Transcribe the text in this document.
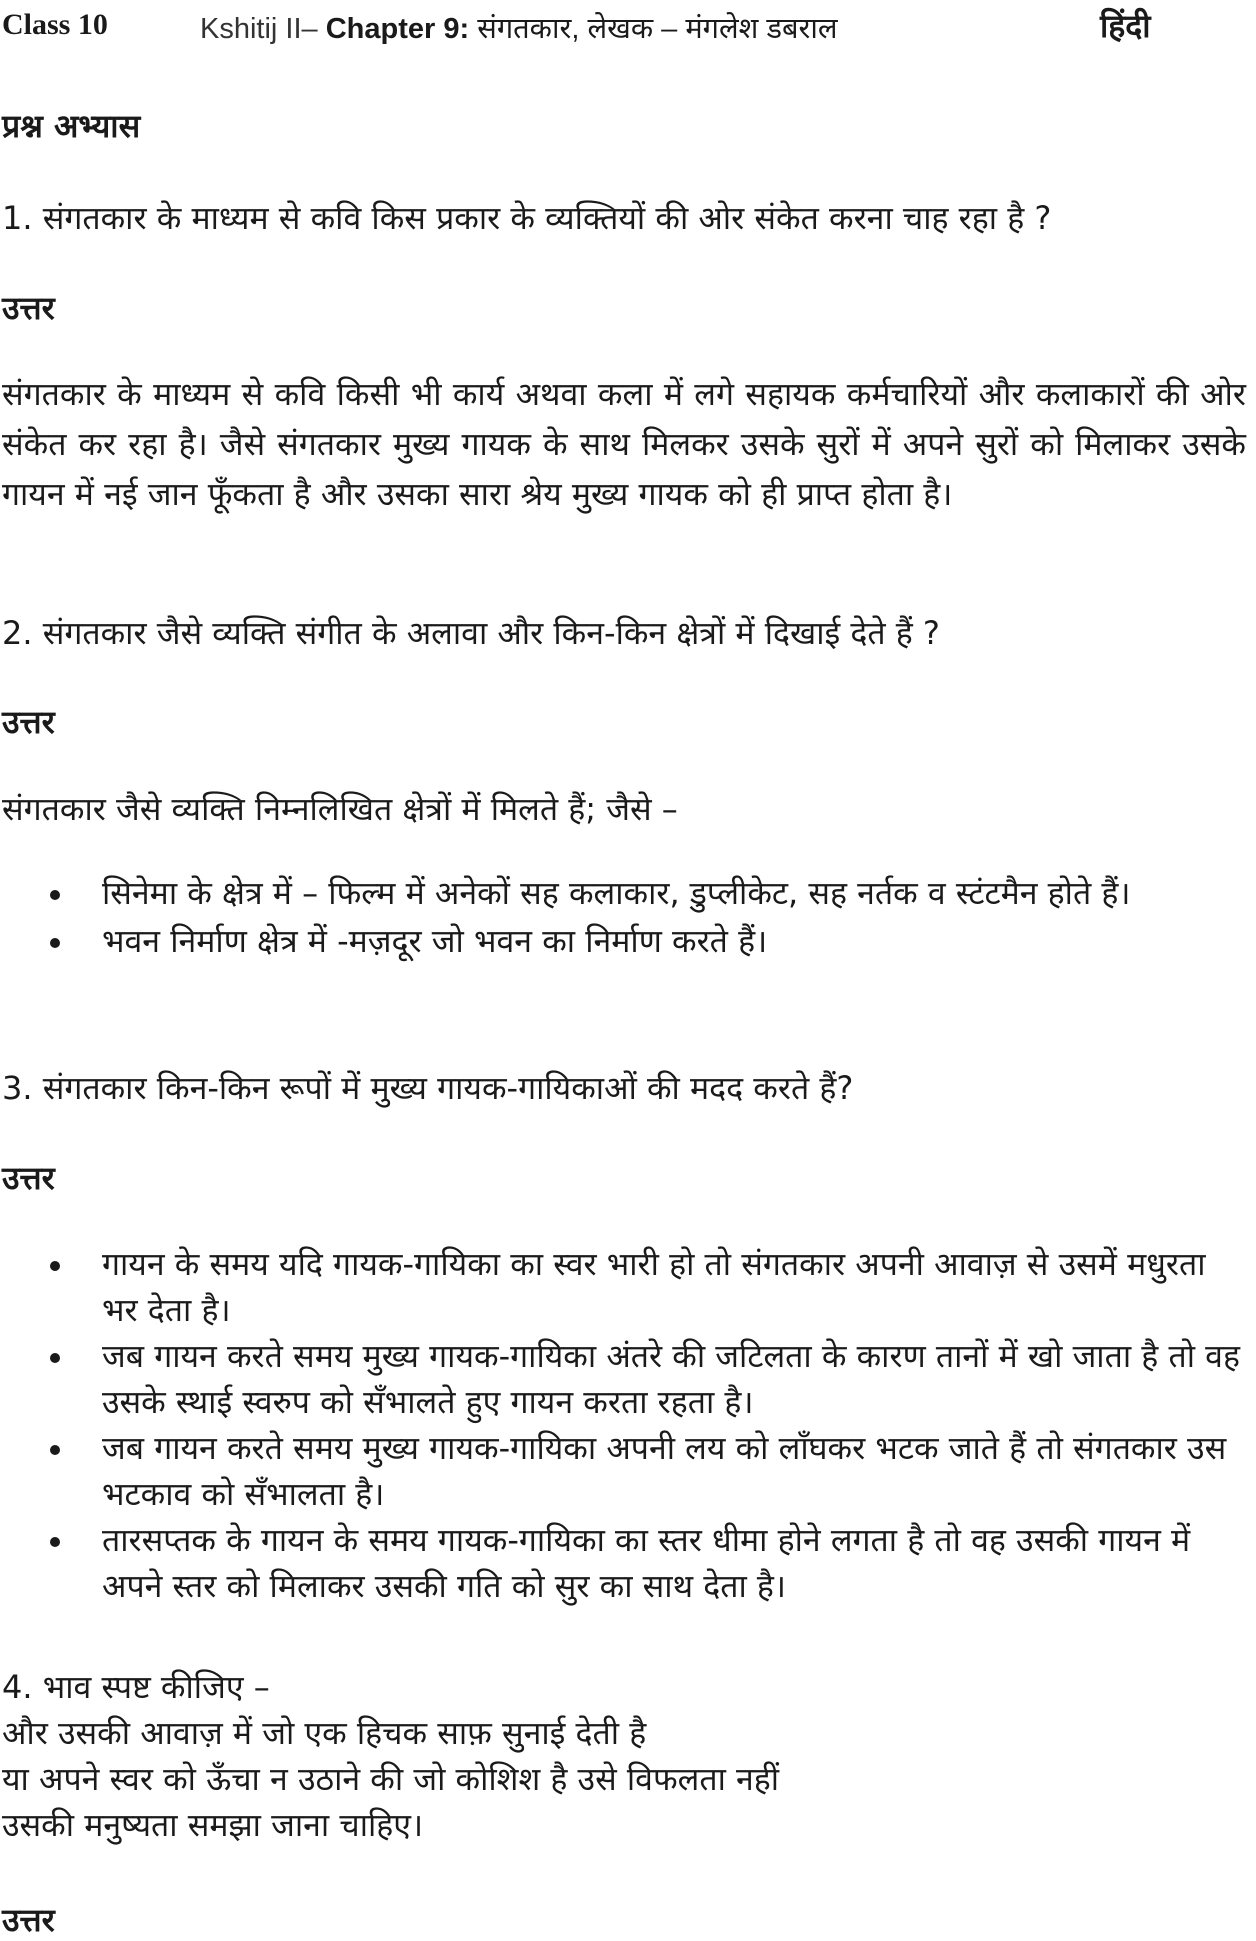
Class 10	Kshitij II– Chapter 9: संगतकार, लेखक – मंगलेश डबराल	हिंदी
प्रश्न अभ्यास
1. संगतकार के माध्यम से कवि किस प्रकार के व्यक्तियों की ओर संकेत करना चाह रहा है ?
उत्तर
संगतकार के माध्यम से कवि किसी भी कार्य अथवा कला में लगे सहायक कर्मचारियों और कलाकारों की ओर संकेत कर रहा है। जैसे संगतकार मुख्य गायक के साथ मिलकर उसके सुरों में अपने सुरों को मिलाकर उसके गायन में नई जान फूँकता है और उसका सारा श्रेय मुख्य गायक को ही प्राप्त होता है।
2. संगतकार जैसे व्यक्ति संगीत के अलावा और किन-किन क्षेत्रों में दिखाई देते हैं ?
उत्तर
संगतकार जैसे व्यक्ति निम्नलिखित क्षेत्रों में मिलते हैं; जैसे –
सिनेमा के क्षेत्र में – फिल्म में अनेकों सह कलाकार, डुप्लीकेट, सह नर्तक व स्टंटमैन होते हैं।
भवन निर्माण क्षेत्र में -मज़दूर जो भवन का निर्माण करते हैं।
3. संगतकार किन-किन रूपों में मुख्य गायक-गायिकाओं की मदद करते हैं?
उत्तर
गायन के समय यदि गायक-गायिका का स्वर भारी हो तो संगतकार अपनी आवाज़ से उसमें मधुरता भर देता है।
जब गायन करते समय मुख्य गायक-गायिका अंतरे की जटिलता के कारण तानों में खो जाता है तो वह उसके स्थाई स्वरुप को सँभालते हुए गायन करता रहता है।
जब गायन करते समय मुख्य गायक-गायिका अपनी लय को लाँघकर भटक जाते हैं तो संगतकार उस भटकाव को सँभालता है।
तारसप्तक के गायन के समय गायक-गायिका का स्तर धीमा होने लगता है तो वह उसकी गायन में अपने स्तर को मिलाकर उसकी गति को सुर का साथ देता है।
4. भाव स्पष्ट कीजिए –
और उसकी आवाज़ में जो एक हिचक साफ़ सुनाई देती है
या अपने स्वर को ऊँचा न उठाने की जो कोशिश है उसे विफलता नहीं
उसकी मनुष्यता समझा जाना चाहिए।
उत्तर
